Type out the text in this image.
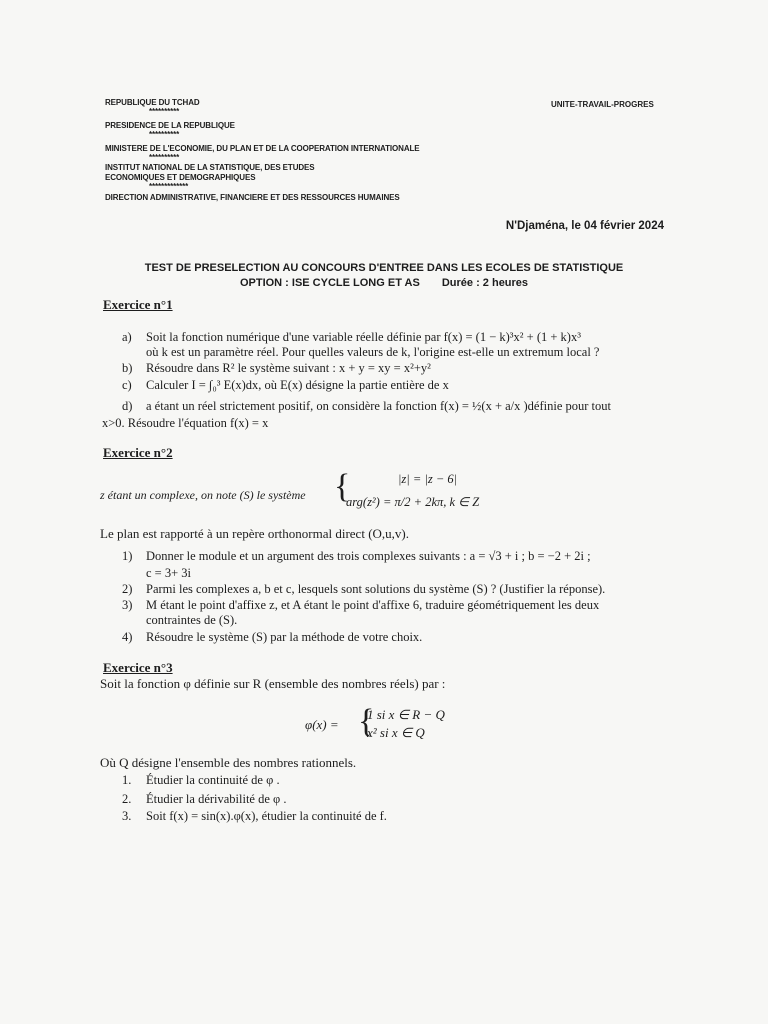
REPUBLIQUE DU TCHAD
**********
PRESIDENCE DE LA REPUBLIQUE
**********
MINISTERE DE L'ECONOMIE, DU PLAN ET DE LA COOPERATION INTERNATIONALE
**********
INSTITUT NATIONAL DE LA STATISTIQUE, DES ETUDES
ECONOMIQUES ET DEMOGRAPHIQUES
*************
DIRECTION ADMINISTRATIVE, FINANCIERE ET DES RESSOURCES HUMAINES
UNITE-TRAVAIL-PROGRES
N'Djaména, le 04 février 2024
TEST DE PRESELECTION AU CONCOURS D'ENTREE DANS LES ECOLES DE STATISTIQUE
OPTION : ISE CYCLE LONG ET AS Durée : 2 heures
Exercice n°1
a) Soit la fonction numérique d'une variable réelle définie par f(x) = (1 − k)³x² + (1 + k)x³
où k est un paramètre réel. Pour quelles valeurs de k, l'origine est-elle un extremum local ?
b) Résoudre dans R² le système suivant : x + y = xy = x²+y²
c) Calculer I = ∫₀³ E(x)dx, où E(x) désigne la partie entière de x
d) a étant un réel strictement positif, on considère la fonction f(x) = ½(x + a/x )définie pour tout
x>0. Résoudre l'équation f(x) = x
Exercice n°2
z étant un complexe, on note (S) le système {	|z| = |z − 6|
arg(z²) = π/2 + 2kπ, k ∈ Z
Le plan est rapporté à un repère orthonormal direct (O,u,v).
1) Donner le module et un argument des trois complexes suivants : a = √3 + i ; b = −2 + 2i ;
c = 3+ 3i
2) Parmi les complexes a, b et c, lesquels sont solutions du système (S) ? (Justifier la réponse).
3) M étant le point d'affixe z, et A étant le point d'affixe 6, traduire géométriquement les deux
contraintes de (S).
4) Résoudre le système (S) par la méthode de votre choix.
Exercice n°3
Soit la fonction φ définie sur R (ensemble des nombres réels) par :
φ(x) = {
1 si x ∈ R − Q
x² si x ∈ Q
Où Q désigne l'ensemble des nombres rationnels.
1. Étudier la continuité de φ .
2. Étudier la dérivabilité de φ .
3. Soit f(x) = sin(x).φ(x), étudier la continuité de f.
